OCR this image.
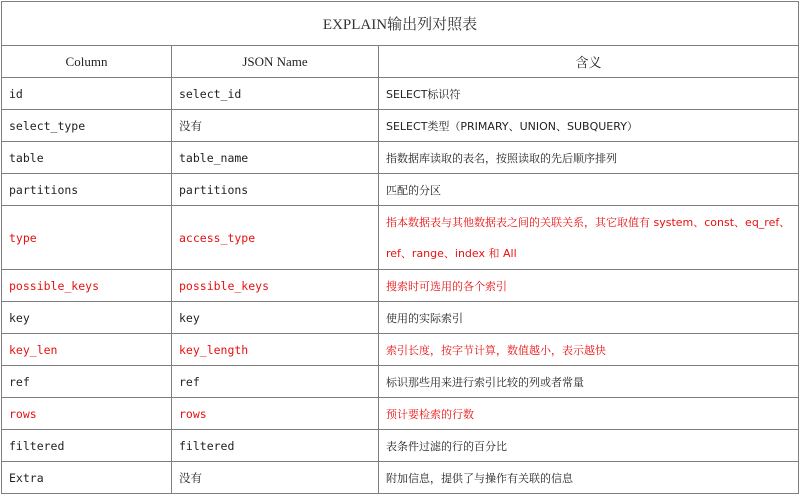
EXPLAIN输出列对照表		
Column	JSON Name	含义
id	select_id	SELECT标识符
select_type	没有	SELECT类型（PRIMARY、UNION、SUBQUERY）
table	table_name	指数据库读取的表名，按照读取的先后顺序排列
partitions	partitions	匹配的分区
type	access_type	指本数据表与其他数据表之间的关联关系，其它取值有 system、const、eq_ref、ref、range、index 和 All
possible_keys	possible_keys	搜索时可选用的各个索引
key	key	使用的实际索引
key_len	key_length	索引长度，按字节计算，数值越小，表示越快
ref	ref	标识那些用来进行索引比较的列或者常量
rows	rows	预计要检索的行数
filtered	filtered	表条件过滤的行的百分比
Extra	没有	附加信息，提供了与操作有关联的信息
